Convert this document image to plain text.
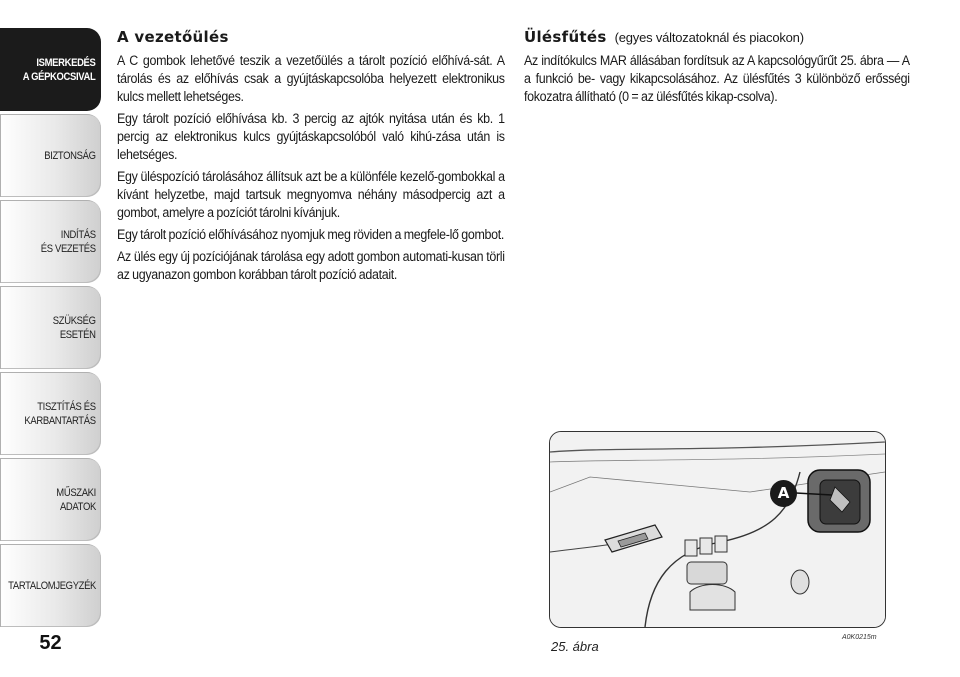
ISMERKEDÉS
A GÉPKOCSIVAL
BIZTONSÁG
INDÍTÁS
ÉS VEZETÉS
SZÜKSÉG
ESETÉN
TISZTÍTÁS ÉS
KARBANTARTÁS
MŰSZAKI
ADATOK
TARTALOMJEGYZÉK
52
A vezetőülés

A C gombok lehetővé teszik a vezetőülés a tárolt pozíció előhívá-sát. A tárolás és az előhívás csak a gyújtáskapcsolóba helyezett elektronikus kulcs mellett lehetséges.

Egy tárolt pozíció előhívása kb. 3 percig az ajtók nyitása után és kb. 1 percig az elektronikus kulcs gyújtáskapcsolóból való kihú-zása után is lehetséges.

Egy üléspozíció tárolásához állítsuk azt be a különféle kezelő-gombokkal a kívánt helyzetbe, majd tartsuk megnyomva néhány másodpercig azt a gombot, amelyre a pozíciót tárolni kívánjuk.

Egy tárolt pozíció előhívásához nyomjuk meg röviden a megfele-lő gombot.

Az ülés egy új pozíciójának tárolása egy adott gombon automati-kusan törli az ugyanazon gombon korábban tárolt pozíció adatait.

Ülésfűtés (egyes változatoknál és piacokon)

Az indítókulcs MAR állásában fordítsuk az A kapcsológyűrűt 25. ábra — A a funkció be- vagy kikapcsolásához. Az ülésfűtés 3 különböző erősségi fokozatra állítható (0 = az ülésfűtés kikap-csolva).

A
25. ábra
A0K0215m
